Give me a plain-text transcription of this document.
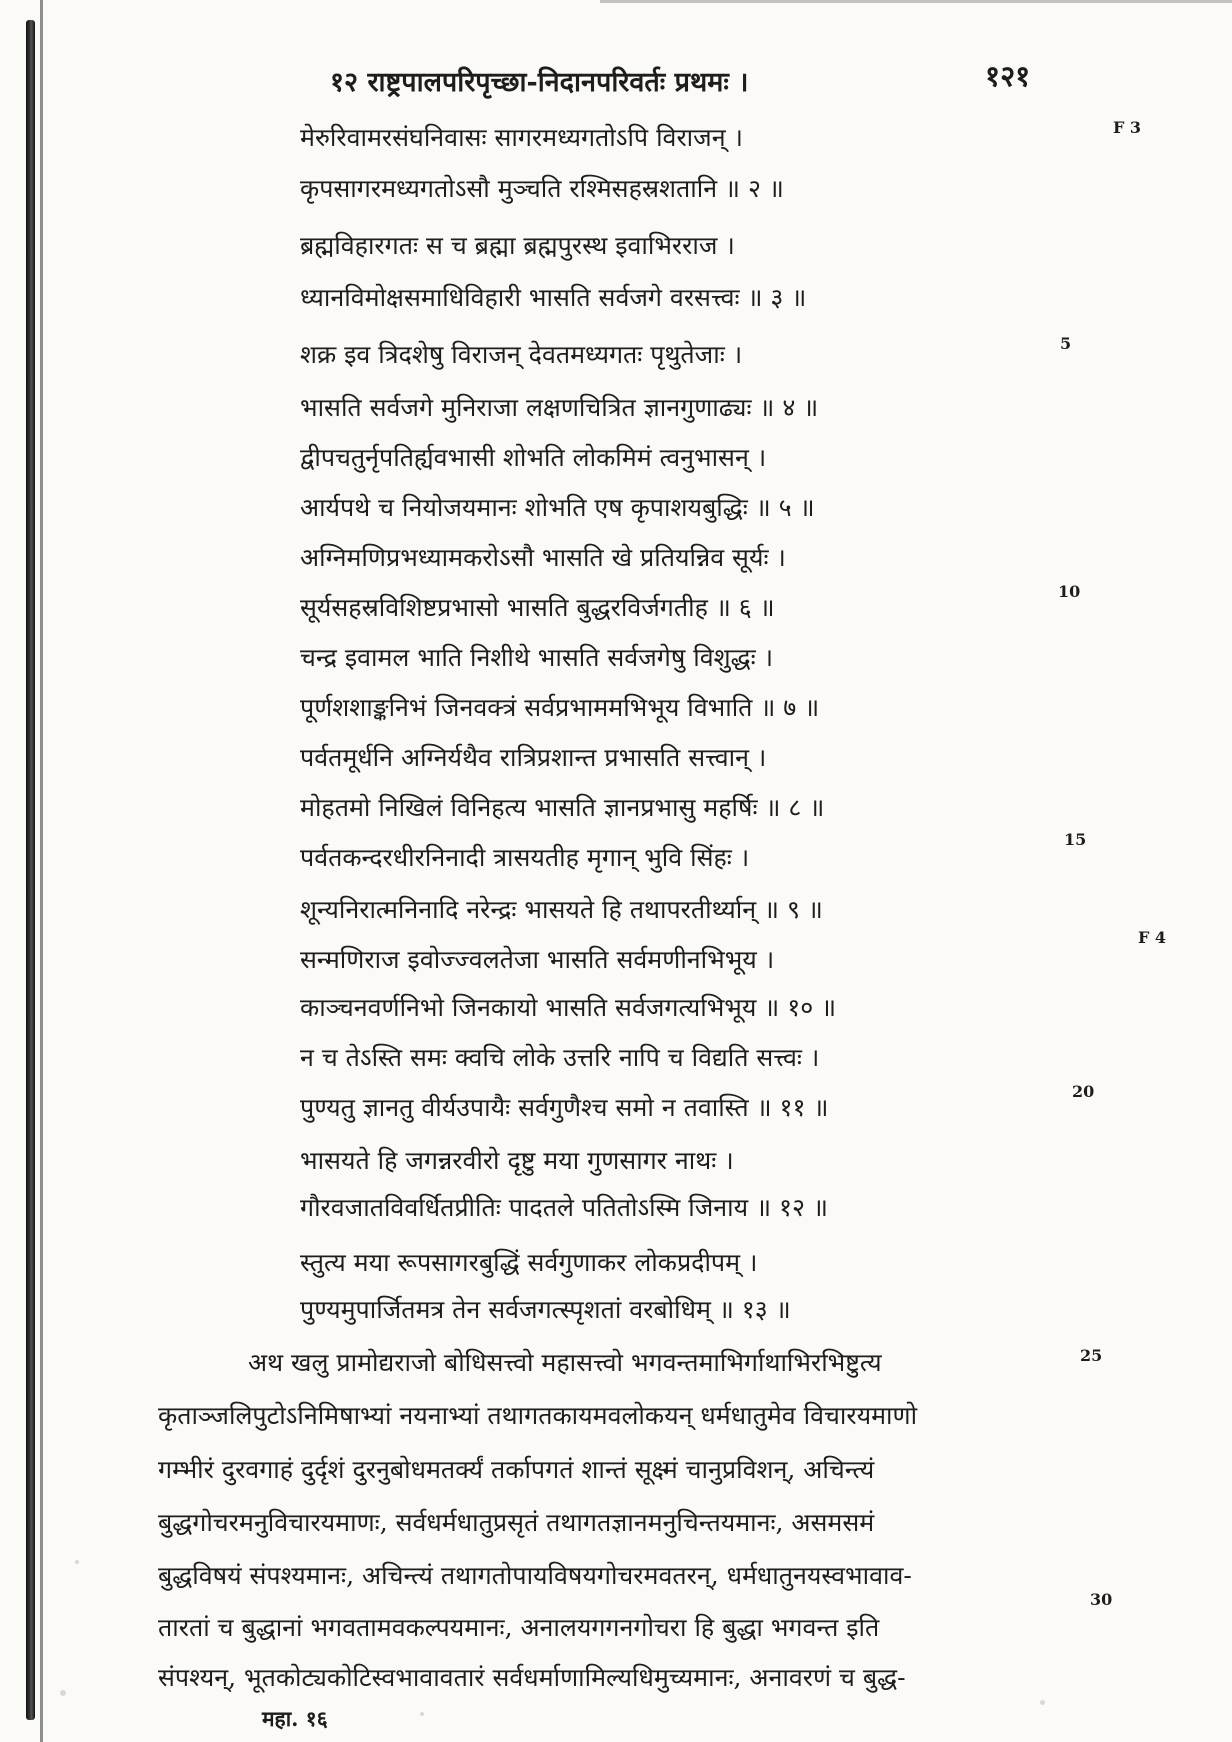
१२ राष्ट्रपालपरिपृच्छा-निदानपरिवर्तः प्रथमः ।	१२१
मेरुरिवामरसंघनिवासः सागरमध्यगतोऽपि विराजन् ।
कृपसागरमध्यगतोऽसौ मुञ्चति रश्मिसहस्रशतानि ॥ २ ॥
ब्रह्मविहारगतः स च ब्रह्मा ब्रह्मपुरस्थ इवाभिरराज ।
ध्यानविमोक्षसमाधिविहारी भासति सर्वजगे वरसत्त्वः ॥ ३ ॥
शक्र इव त्रिदशेषु विराजन् देवतमध्यगतः पृथुतेजाः ।
भासति सर्वजगे मुनिराजा लक्षणचित्रित ज्ञानगुणाढ्यः ॥ ४ ॥
द्वीपचतुर्नृपतिर्ह्यवभासी शोभति लोकमिमं त्वनुभासन् ।
आर्यपथे च नियोजयमानः शोभति एष कृपाशयबुद्धिः ॥ ५ ॥
अग्निमणिप्रभध्यामकरोऽसौ भासति खे प्रतियन्निव सूर्यः ।
सूर्यसहस्रविशिष्टप्रभासो भासति बुद्धरविर्जगतीह ॥ ६ ॥
चन्द्र इवामल भाति निशीथे भासति सर्वजगेषु विशुद्धः ।
पूर्णशशाङ्कनिभं जिनवक्त्रं सर्वप्रभाममभिभूय विभाति ॥ ७ ॥
पर्वतमूर्धनि अग्निर्यथैव रात्रिप्रशान्त प्रभासति सत्त्वान् ।
मोहतमो निखिलं विनिहत्य भासति ज्ञानप्रभासु महर्षिः ॥ ८ ॥
पर्वतकन्दरधीरनिनादी त्रासयतीह मृगान् भुवि सिंहः ।
शून्यनिरात्मनिनादि नरेन्द्रः भासयते हि तथापरतीर्थ्यान् ॥ ९ ॥
सन्मणिराज इवोज्ज्वलतेजा भासति सर्वमणीनभिभूय ।
काञ्चनवर्णनिभो जिनकायो भासति सर्वजगत्यभिभूय ॥ १० ॥
न च तेऽस्ति समः क्वचि लोके उत्तरि नापि च विद्यति सत्त्वः ।
पुण्यतु ज्ञानतु वीर्यउपायैः सर्वगुणैश्च समो न तवास्ति ॥ ११ ॥
भासयते हि जगन्नरवीरो दृष्टु मया गुणसागर नाथः ।
गौरवजातविवर्धितप्रीतिः पादतले पतितोऽस्मि जिनाय ॥ १२ ॥
स्तुत्य मया रूपसागरबुद्धिं सर्वगुणाकर लोकप्रदीपम् ।
पुण्यमुपार्जितमत्र तेन सर्वजगत्स्पृशतां वरबोधिम् ॥ १३ ॥
F 3
5
10
15
F 4
20
25
30
अथ खलु प्रामोद्यराजो बोधिसत्त्वो महासत्त्वो भगवन्तमाभिर्गाथाभिरभिष्टुत्य
कृताञ्जलिपुटोऽनिमिषाभ्यां नयनाभ्यां तथागतकायमवलोकयन् धर्मधातुमेव विचारयमाणो
गम्भीरं दुरवगाहं दुर्दृशं दुरनुबोधमतर्क्यं तर्कापगतं शान्तं सूक्ष्मं चानुप्रविशन्, अचिन्त्यं
बुद्धगोचरमनुविचारयमाणः, सर्वधर्मधातुप्रसृतं तथागतज्ञानमनुचिन्तयमानः, असमसमं
बुद्धविषयं संपश्यमानः, अचिन्त्यं तथागतोपायविषयगोचरमवतरन्, धर्मधातुनयस्वभावाव-
तारतां च बुद्धानां भगवतामवकल्पयमानः, अनालयगगनगोचरा हि बुद्धा भगवन्त इति
संपश्यन्, भूतकोट्यकोटिस्वभावावतारं सर्वधर्माणामिल्यधिमुच्यमानः, अनावरणं च बुद्ध-
महा. १६
